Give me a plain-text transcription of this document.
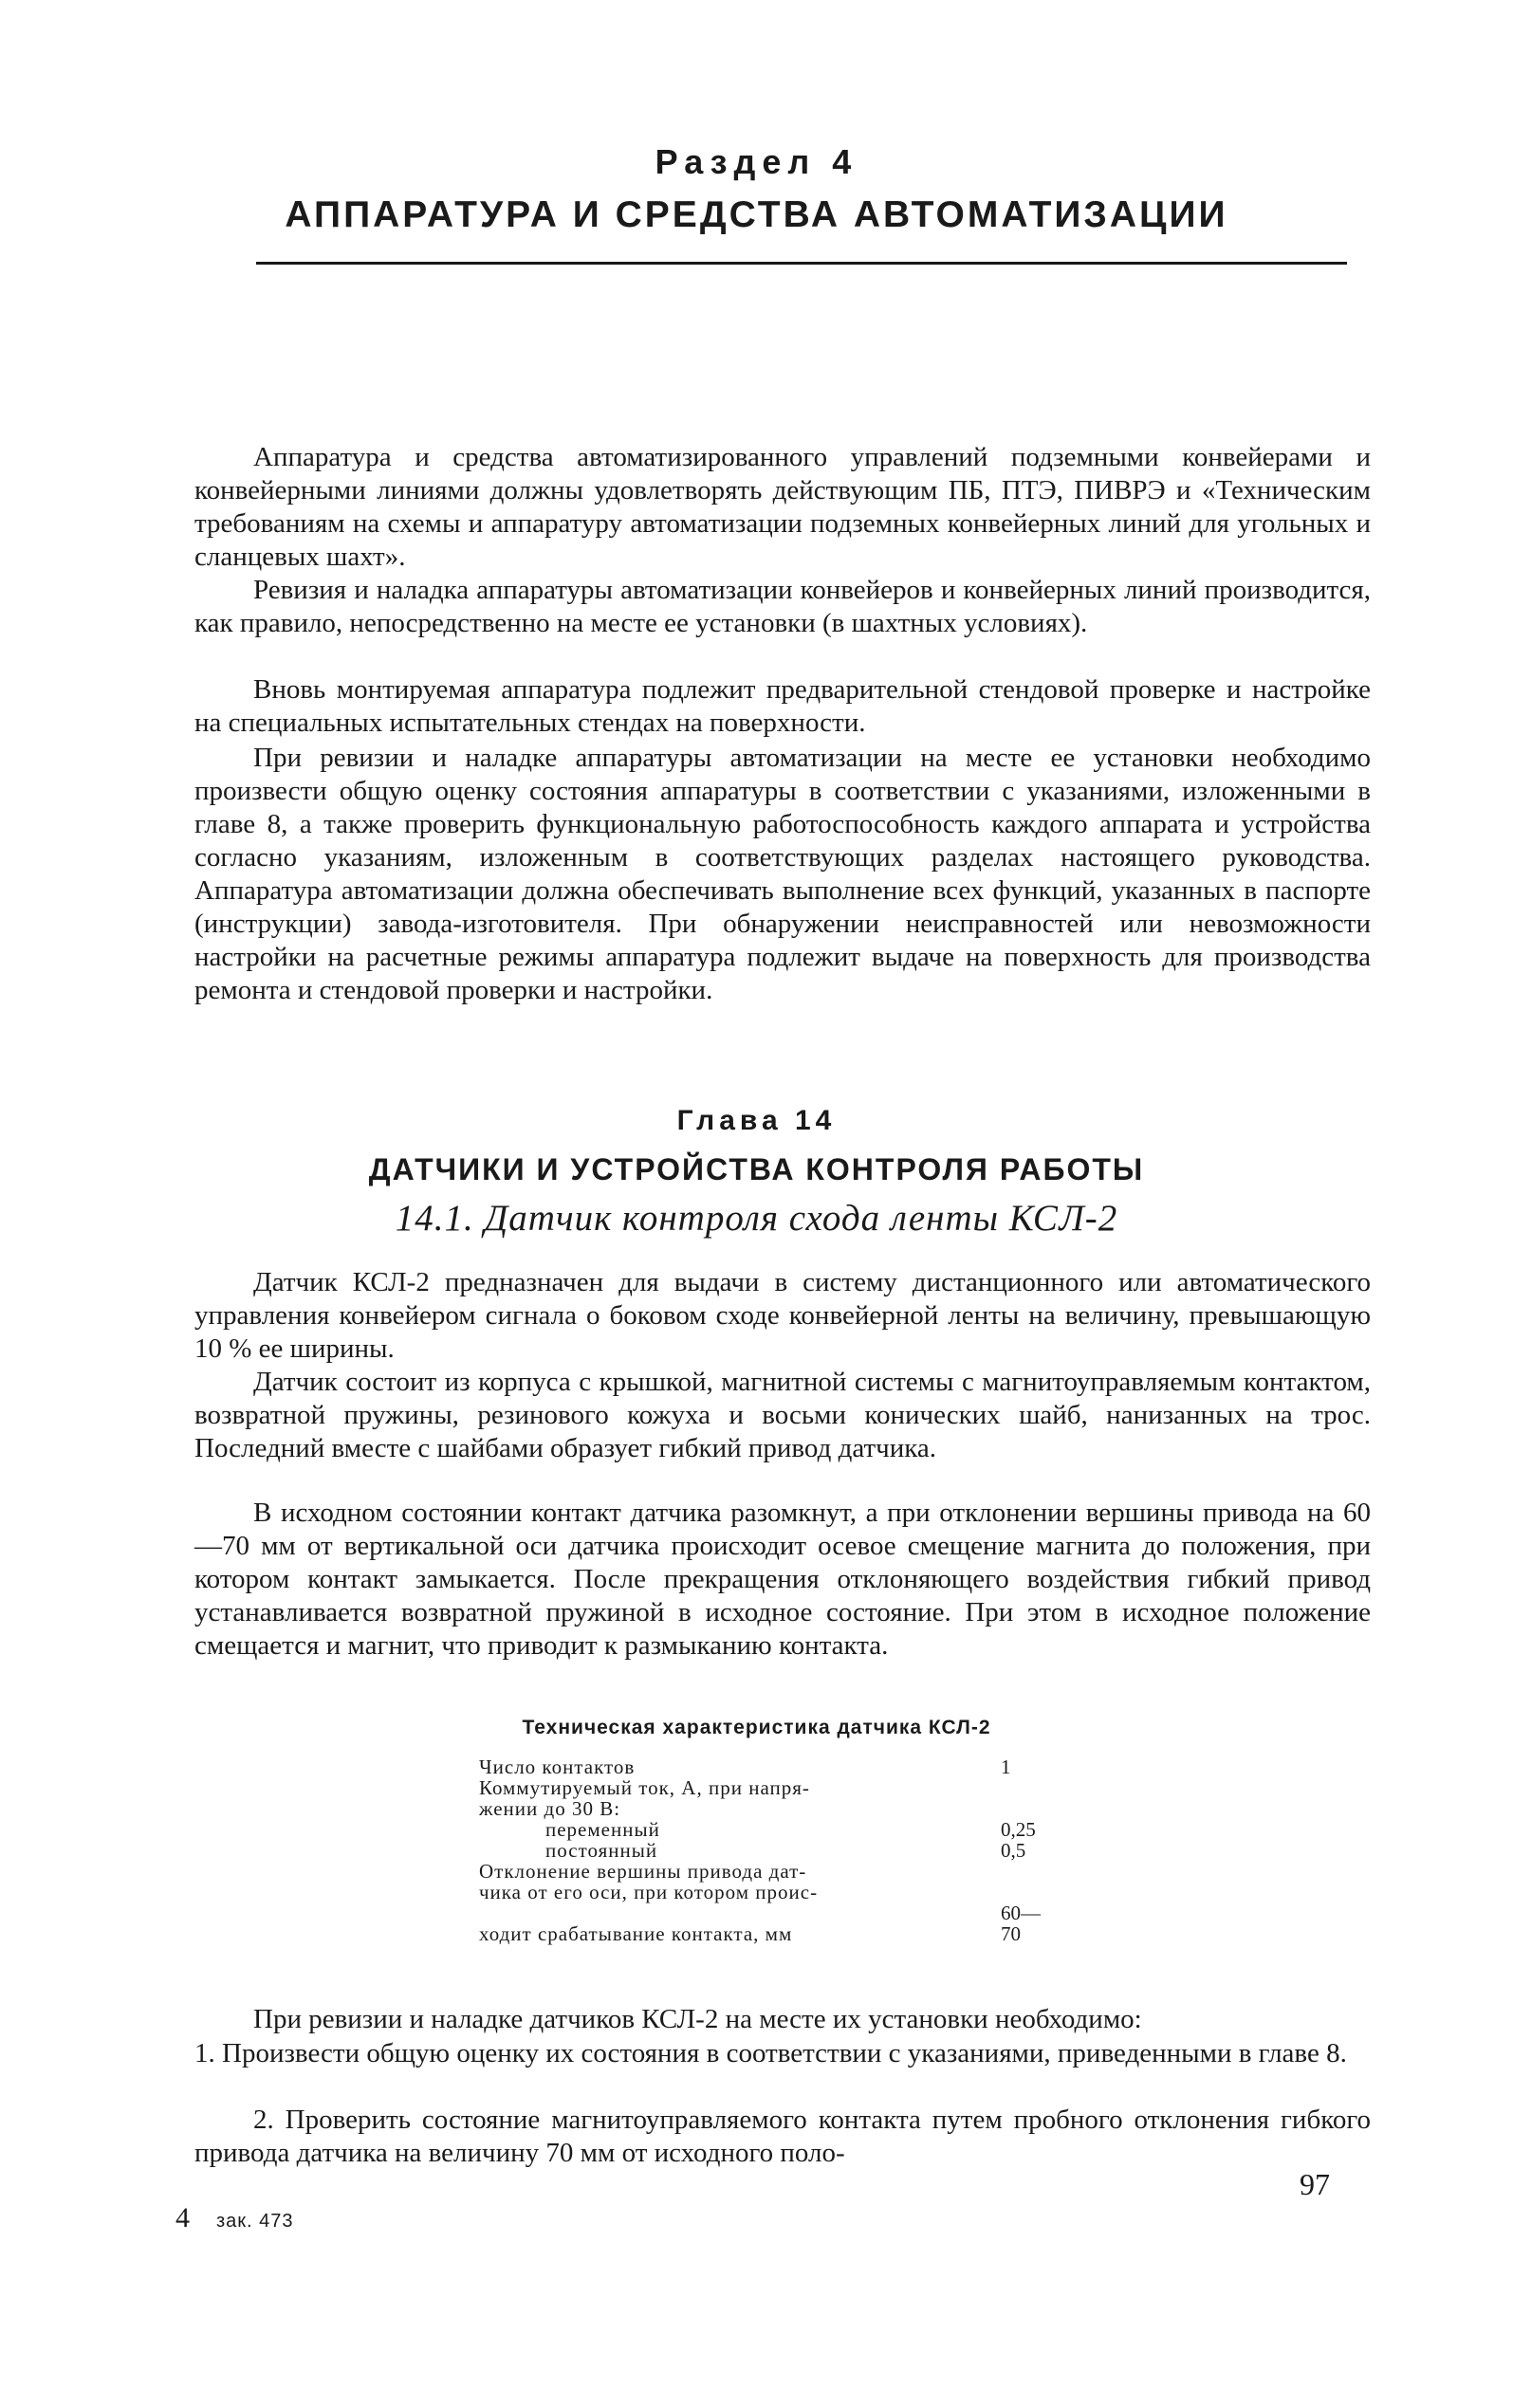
Раздел 4
АППАРАТУРА И СРЕДСТВА АВТОМАТИЗАЦИИ

Аппаратура и средства автоматизированного управлений подземными конвейерами и конвейерными линиями должны удовлетворять действующим ПБ, ПТЭ, ПИВРЭ и «Техническим требованиям на схемы и аппаратуру автоматизации подземных конвейерных линий для угольных и сланцевых шахт».

Ревизия и наладка аппаратуры автоматизации конвейеров и конвейерных линий производится, как правило, непосредственно на месте ее установки (в шахтных условиях).

Вновь монтируемая аппаратура подлежит предварительной стендовой проверке и настройке на специальных испытательных стендах на поверхности.

При ревизии и наладке аппаратуры автоматизации на месте ее установки необходимо произвести общую оценку состояния аппаратуры в соответствии с указаниями, изложенными в главе 8, а также проверить функциональную работоспособность каждого аппарата и устройства согласно указаниям, изложенным в соответствующих разделах настоящего руководства. Аппаратура автоматизации должна обеспечивать выполнение всех функций, указанных в паспорте (инструкции) завода-изготовителя. При обнаружении неисправностей или невозможности настройки на расчетные режимы аппаратура подлежит выдаче на поверхность для производства ремонта и стендовой проверки и настройки.

Глава 14
ДАТЧИКИ И УСТРОЙСТВА КОНТРОЛЯ РАБОТЫ
14.1. Датчик контроля схода ленты КСЛ-2

Датчик КСЛ-2 предназначен для выдачи в систему дистанционного или автоматического управления конвейером сигнала о боковом сходе конвейерной ленты на величину, превышающую 10 % ее ширины.

Датчик состоит из корпуса с крышкой, магнитной системы с магнитоуправляемым контактом, возвратной пружины, резинового кожуха и восьми конических шайб, нанизанных на трос. Последний вместе с шайбами образует гибкий привод датчика.

В исходном состоянии контакт датчика разомкнут, а при отклонении вершины привода на 60—70 мм от вертикальной оси датчика происходит осевое смещение магнита до положения, при котором контакт замыкается. После прекращения отклоняющего воздействия гибкий привод устанавливается возвратной пружиной в исходное состояние. При этом в исходное положение смещается и магнит, что приводит к размыканию контакта.

Техническая характеристика датчика КСЛ-2
Число контактов	1
Коммутируемый ток, А, при напря-	
жении до 30 В:	
переменный	0,25
постоянный	0,5
Отклонение вершины привода дат-	
чика от его оси, при котором проис-	
ходит срабатывание контакта, мм	60—70

При ревизии и наладке датчиков КСЛ-2 на месте их установки необходимо:

1. Произвести общую оценку их состояния в соответствии с указаниями, приведенными в главе 8.

2. Проверить состояние магнитоуправляемого контакта путем пробного отклонения гибкого привода датчика на величину 70 мм от исходного поло-

97
4 зак. 473
